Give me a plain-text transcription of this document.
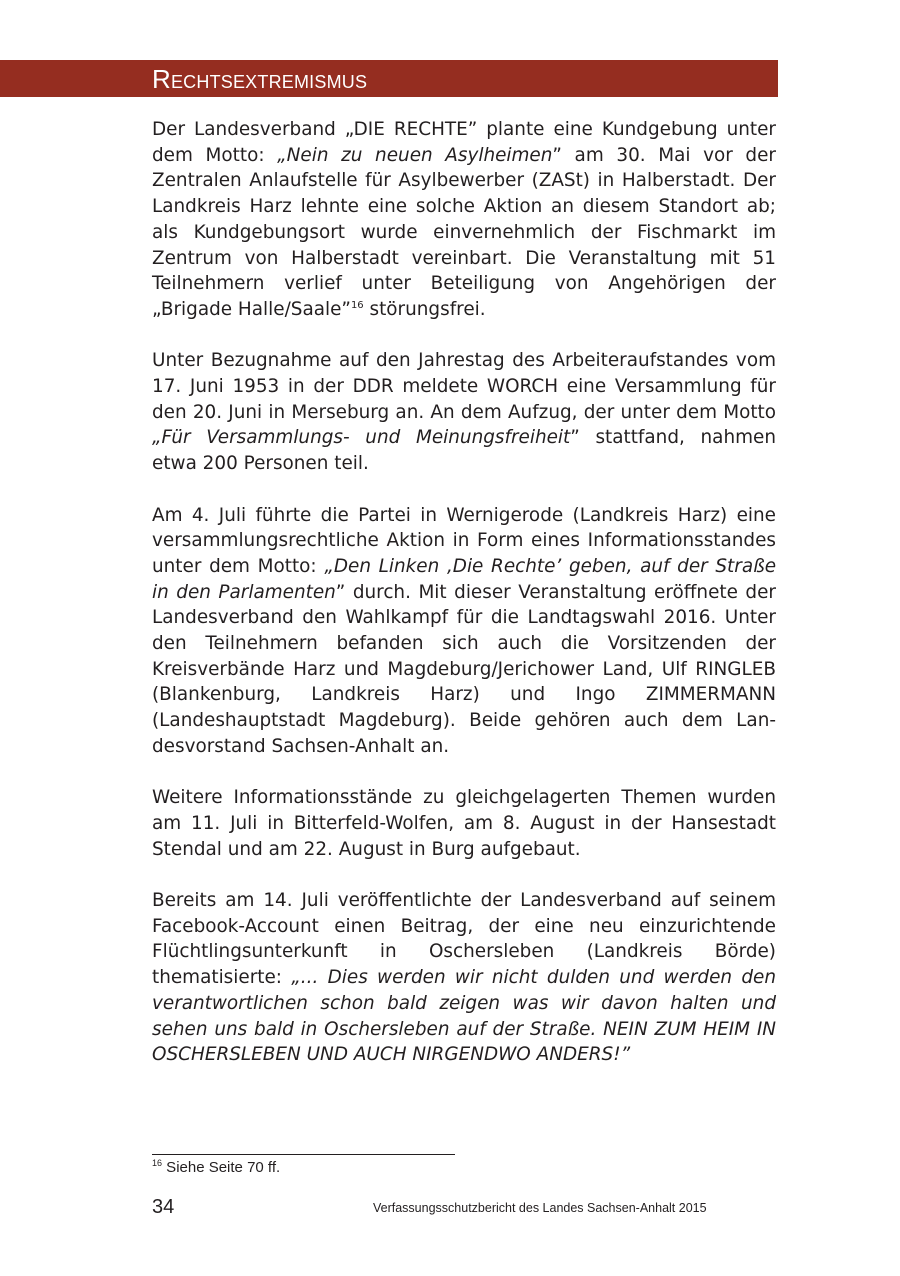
Rechtsextremismus

Der Landesverband „DIE RECHTE” plante eine Kundgebung unter dem Motto: „Nein zu neuen Asylheimen” am 30. Mai vor der Zentralen Anlaufstelle für Asylbewerber (ZASt) in Halberstadt. Der Landkreis Harz lehnte eine solche Aktion an diesem Standort ab; als Kundgebungsort wurde einvernehmlich der Fischmarkt im Zentrum von Halberstadt vereinbart. Die Veranstaltung mit 51 Teilnehmern verlief unter Beteiligung von Angehörigen der „Brigade Halle/Saale”$^{16}$ störungsfrei.

Unter Bezugnahme auf den Jahrestag des Arbeiteraufstandes vom 17. Juni 1953 in der DDR meldete WORCH eine Versammlung für den 20. Juni in Merseburg an. An dem Aufzug, der unter dem Motto „Für Versammlungs- und Meinungsfreiheit” stattfand, nahmen etwa 200 Personen teil.

Am 4. Juli führte die Partei in Wernigerode (Landkreis Harz) eine versammlungsrechtliche Aktion in Form eines Informationsstandes unter dem Motto: „Den Linken ‚Die Rechte’ geben, auf der Straße in den Parlamenten” durch. Mit dieser Veranstaltung eröffnete der Landesverband den Wahlkampf für die Landtagswahl 2016. Unter den Teilnehmern befanden sich auch die Vorsitzenden der Kreisverbände Harz und Magdeburg/Jerichower Land, Ulf RINGLEB (Blankenburg, Landkreis Harz) und Ingo ZIMMERMANN (Landeshauptstadt Magdeburg). Beide gehören auch dem Landesvorstand Sachsen-Anhalt an.

Weitere Informationsstände zu gleichgelagerten Themen wurden am 11. Juli in Bitterfeld-Wolfen, am 8. August in der Hansestadt Stendal und am 22. August in Burg aufgebaut.

Bereits am 14. Juli veröffentlichte der Landesverband auf seinem Facebook-Account einen Beitrag, der eine neu einzurichtende Flüchtlingsunterkunft in Oschersleben (Landkreis Börde) thematisierte: „... Dies werden wir nicht dulden und werden den verantwortlichen schon bald zeigen was wir davon halten und sehen uns bald in Oschersleben auf der Straße. NEIN ZUM HEIM IN OSCHERSLEBEN UND AUCH NIRGENDWO ANDERS!”

$^{16}$ Siehe Seite 70 ff.
34	Verfassungsschutzbericht des Landes Sachsen-Anhalt 2015
